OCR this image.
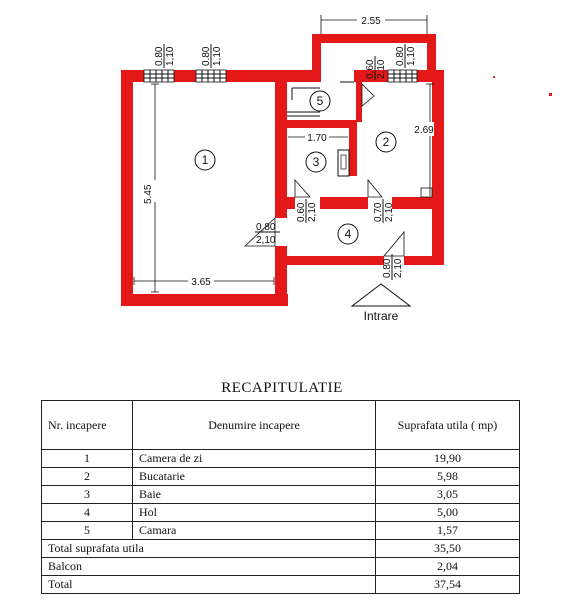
1
2
3
4
5
5.45
3.65
2.55
1.70
2.69
0.80 1,10	0.80 1,10	0.80 1,10
0.60 2,10
0.60 2,10	0,70 2,10
0,80
2,10
0.80 2,10
Intrare
RECAPITULATIE
Nr. incapere	Denumire incapere	Suprafata utila ( mp)
1	Camera de zi	19,90
2	Bucatarie	5,98
3	Baie	3,05
4	Hol	5,00
5	Camara	1,57
Total suprafata utila		35,50
Balcon		2,04
Total		37,54
